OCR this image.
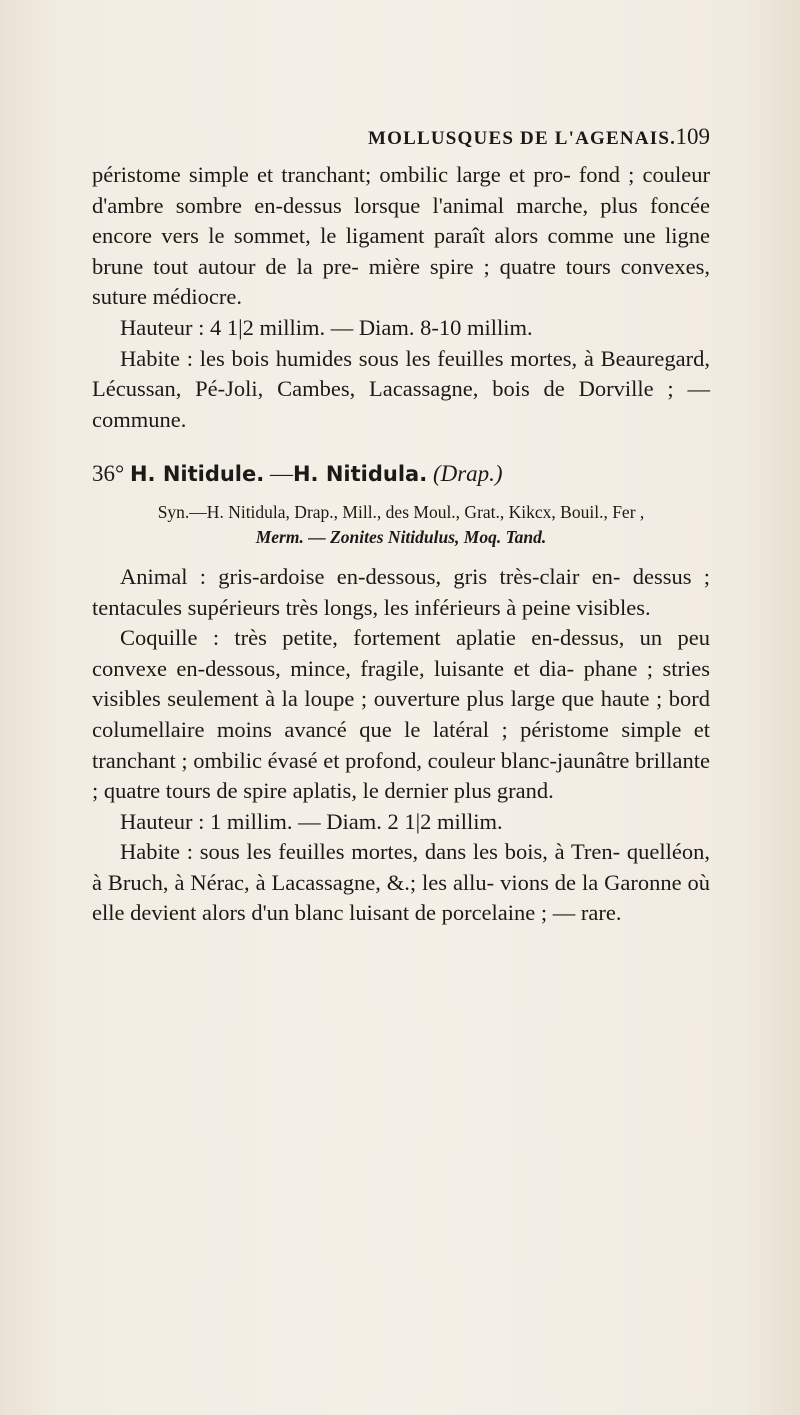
MOLLUSQUES DE L'AGENAIS. 109

péristome simple et tranchant; ombilic large et pro- fond ; couleur d'ambre sombre en-dessus lorsque l'animal marche, plus foncée encore vers le sommet, le ligament paraît alors comme une ligne brune tout autour de la pre- mière spire ; quatre tours convexes, suture médiocre.

Hauteur : 4 1|2 millim. — Diam. 8-10 millim.

Habite : les bois humides sous les feuilles mortes, à Beauregard, Lécussan, Pé-Joli, Cambes, Lacassagne, bois de Dorville ; — commune.

36° H. Nitidule. —H. Nitidula. (Drap.)

Syn.—H. Nitidula, Drap., Mill., des Moul., Grat., Kikcx, Bouil., Fer ,
Merm. — Zonites Nitidulus, Moq. Tand.

Animal : gris-ardoise en-dessous, gris très-clair en- dessus ; tentacules supérieurs très longs, les inférieurs à peine visibles.

Coquille : très petite, fortement aplatie en-dessus, un peu convexe en-dessous, mince, fragile, luisante et dia- phane ; stries visibles seulement à la loupe ; ouverture plus large que haute ; bord columellaire moins avancé que le latéral ; péristome simple et tranchant ; ombilic évasé et profond, couleur blanc-jaunâtre brillante ; quatre tours de spire aplatis, le dernier plus grand.

Hauteur : 1 millim. — Diam. 2 1|2 millim.

Habite : sous les feuilles mortes, dans les bois, à Tren- quelléon, à Bruch, à Nérac, à Lacassagne, &.; les allu- vions de la Garonne où elle devient alors d'un blanc luisant de porcelaine ; — rare.
